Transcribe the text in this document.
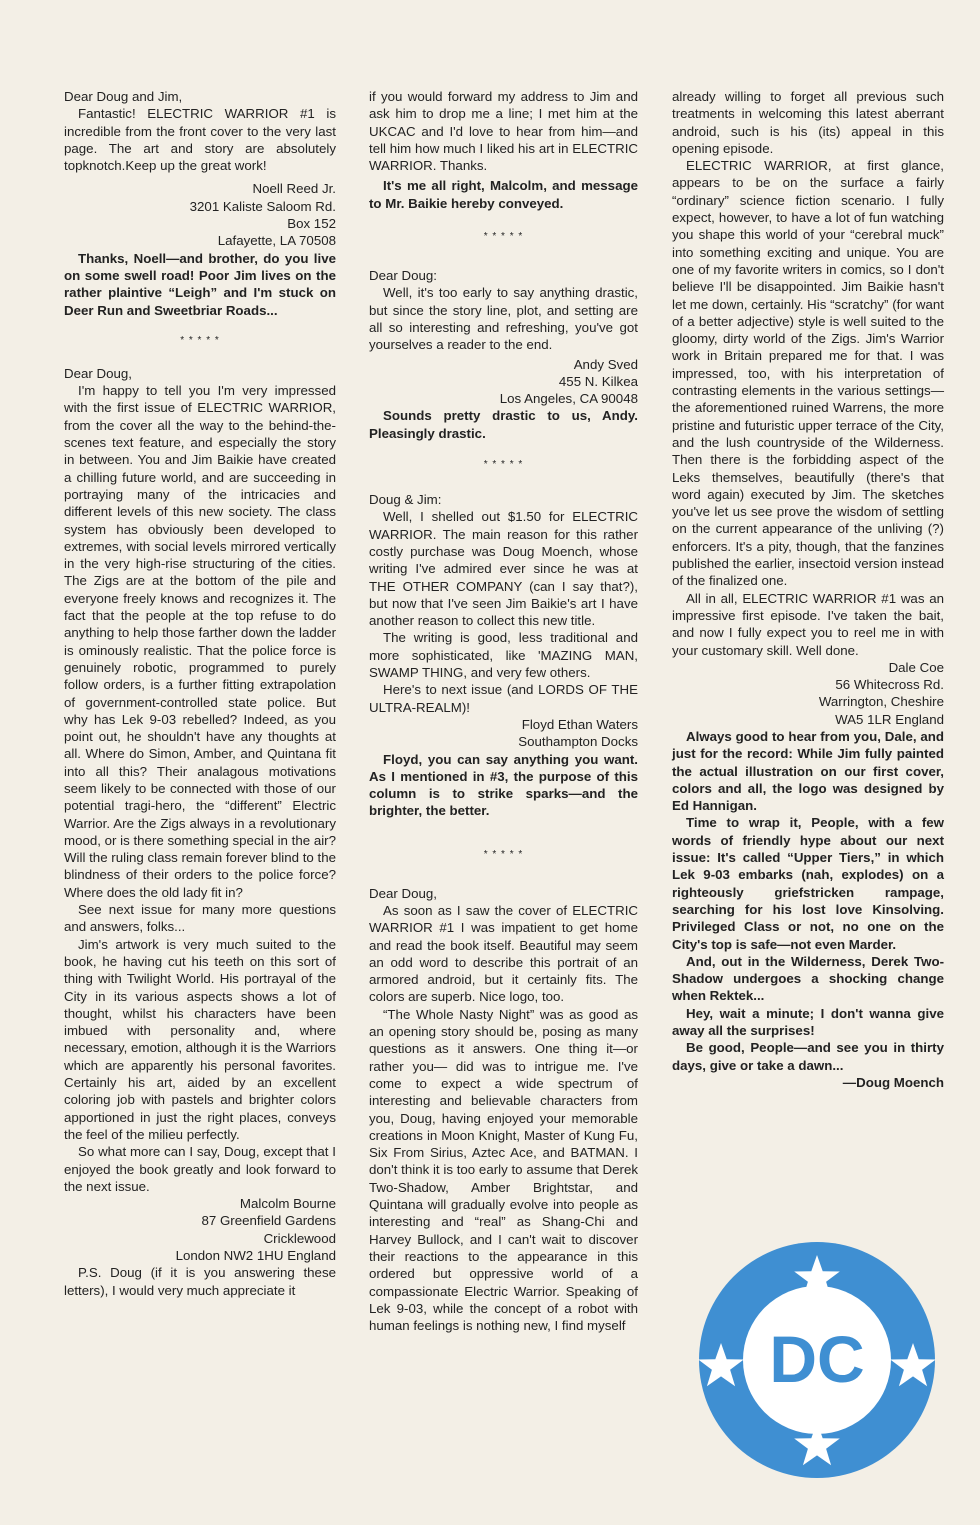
Dear Doug and Jim,

Fantastic! ELECTRIC WARRIOR #1 is incredible from the front cover to the very last page. The art and story are absolutely topknotch.Keep up the great work!

Noell Reed Jr.

3201 Kaliste Saloom Rd.

Box 152

Lafayette, LA 70508

Thanks, Noell—and brother, do you live on some swell road! Poor Jim lives on the rather plaintive “Leigh” and I'm stuck on Deer Run and Sweetbriar Roads...

* * * * *

Dear Doug,

I'm happy to tell you I'm very impressed with the first issue of ELECTRIC WARRIOR, from the cover all the way to the behind-the-scenes text feature, and especially the story in between. You and Jim Baikie have created a chilling future world, and are succeeding in portraying many of the intricacies and different levels of this new society. The class system has obviously been developed to extremes, with social levels mirrored vertically in the very high-rise structuring of the cities. The Zigs are at the bottom of the pile and everyone freely knows and recognizes it. The fact that the people at the top refuse to do anything to help those farther down the ladder is ominously realistic. That the police force is genuinely robotic, programmed to purely follow orders, is a further fitting extrapolation of government-controlled state police. But why has Lek 9-03 rebelled? Indeed, as you point out, he shouldn't have any thoughts at all. Where do Simon, Amber, and Quintana fit into all this? Their analagous motivations seem likely to be connected with those of our potential tragi-hero, the “different” Electric Warrior. Are the Zigs always in a revolutionary mood, or is there something special in the air? Will the ruling class remain forever blind to the blindness of their orders to the police force? Where does the old lady fit in?

See next issue for many more questions and answers, folks...

Jim's artwork is very much suited to the book, he having cut his teeth on this sort of thing with Twilight World. His portrayal of the City in its various aspects shows a lot of thought, whilst his characters have been imbued with personality and, where necessary, emotion, although it is the Warriors which are apparently his personal favorites. Certainly his art, aided by an excellent coloring job with pastels and brighter colors apportioned in just the right places, conveys the feel of the milieu perfectly.

So what more can I say, Doug, except that I enjoyed the book greatly and look forward to the next issue.

Malcolm Bourne

87 Greenfield Gardens

Cricklewood

London NW2 1HU England

P.S. Doug (if it is you answering these letters), I would very much appreciate it

if you would forward my address to Jim and ask him to drop me a line; I met him at the UKCAC and I'd love to hear from him—and tell him how much I liked his art in ELECTRIC WARRIOR. Thanks.

It's me all right, Malcolm, and message to Mr. Baikie hereby conveyed.

* * * * *

Dear Doug:

Well, it's too early to say anything drastic, but since the story line, plot, and setting are all so interesting and refreshing, you've got yourselves a reader to the end.

Andy Sved

455 N. Kilkea

Los Angeles, CA 90048

Sounds pretty drastic to us, Andy. Pleasingly drastic.

* * * * *

Doug & Jim:

Well, I shelled out $1.50 for ELECTRIC WARRIOR. The main reason for this rather costly purchase was Doug Moench, whose writing I've admired ever since he was at THE OTHER COMPANY (can I say that?), but now that I've seen Jim Baikie's art I have another reason to collect this new title.

The writing is good, less traditional and more sophisticated, like 'MAZING MAN, SWAMP THING, and very few others.

Here's to next issue (and LORDS OF THE ULTRA-REALM)!

Floyd Ethan Waters

Southampton Docks

Floyd, you can say anything you want. As I mentioned in #3, the purpose of this column is to strike sparks—and the brighter, the better.

* * * * *

Dear Doug,

As soon as I saw the cover of ELECTRIC WARRIOR #1 I was impatient to get home and read the book itself. Beautiful may seem an odd word to describe this portrait of an armored android, but it certainly fits. The colors are superb. Nice logo, too.

“The Whole Nasty Night” was as good as an opening story should be, posing as many questions as it answers. One thing it—or rather you— did was to intrigue me. I've come to expect a wide spectrum of interesting and believable characters from you, Doug, having enjoyed your memorable creations in Moon Knight, Master of Kung Fu, Six From Sirius, Aztec Ace, and BATMAN. I don't think it is too early to assume that Derek Two-Shadow, Amber Brightstar, and Quintana will gradually evolve into people as interesting and “real” as Shang-Chi and Harvey Bullock, and I can't wait to discover their reactions to the appearance in this ordered but oppressive world of a compassionate Electric Warrior. Speaking of Lek 9-03, while the concept of a robot with human feelings is nothing new, I find myself

already willing to forget all previous such treatments in welcoming this latest aberrant android, such is his (its) appeal in this opening episode.

ELECTRIC WARRIOR, at first glance, appears to be on the surface a fairly “ordinary” science fiction scenario. I fully expect, however, to have a lot of fun watching you shape this world of your “cerebral muck” into something exciting and unique. You are one of my favorite writers in comics, so I don't believe I'll be disappointed. Jim Baikie hasn't let me down, certainly. His “scratchy” (for want of a better adjective) style is well suited to the gloomy, dirty world of the Zigs. Jim's Warrior work in Britain prepared me for that. I was impressed, too, with his interpretation of contrasting elements in the various settings—the aforementioned ruined Warrens, the more pristine and futuristic upper terrace of the City, and the lush countryside of the Wilderness. Then there is the forbidding aspect of the Leks themselves, beautifully (there's that word again) executed by Jim. The sketches you've let us see prove the wisdom of settling on the current appearance of the unliving (?) enforcers. It's a pity, though, that the fanzines published the earlier, insectoid version instead of the finalized one.

All in all, ELECTRIC WARRIOR #1 was an impressive first episode. I've taken the bait, and now I fully expect you to reel me in with your customary skill. Well done.

Dale Coe

56 Whitecross Rd.

Warrington, Cheshire

WA5 1LR England

Always good to hear from you, Dale, and just for the record: While Jim fully painted the actual illustration on our first cover, colors and all, the logo was designed by Ed Hannigan.

Time to wrap it, People, with a few words of friendly hype about our next issue: It's called “Upper Tiers,” in which Lek 9-03 embarks (nah, explodes) on a righteously griefstricken rampage, searching for his lost love Kinsolving. Privileged Class or not, no one on the City's top is safe—not even Marder.

And, out in the Wilderness, Derek Two-Shadow undergoes a shocking change when Rektek...

Hey, wait a minute; I don't wanna give away all the surprises!

Be good, People—and see you in thirty days, give or take a dawn...

—Doug Moench

DC
